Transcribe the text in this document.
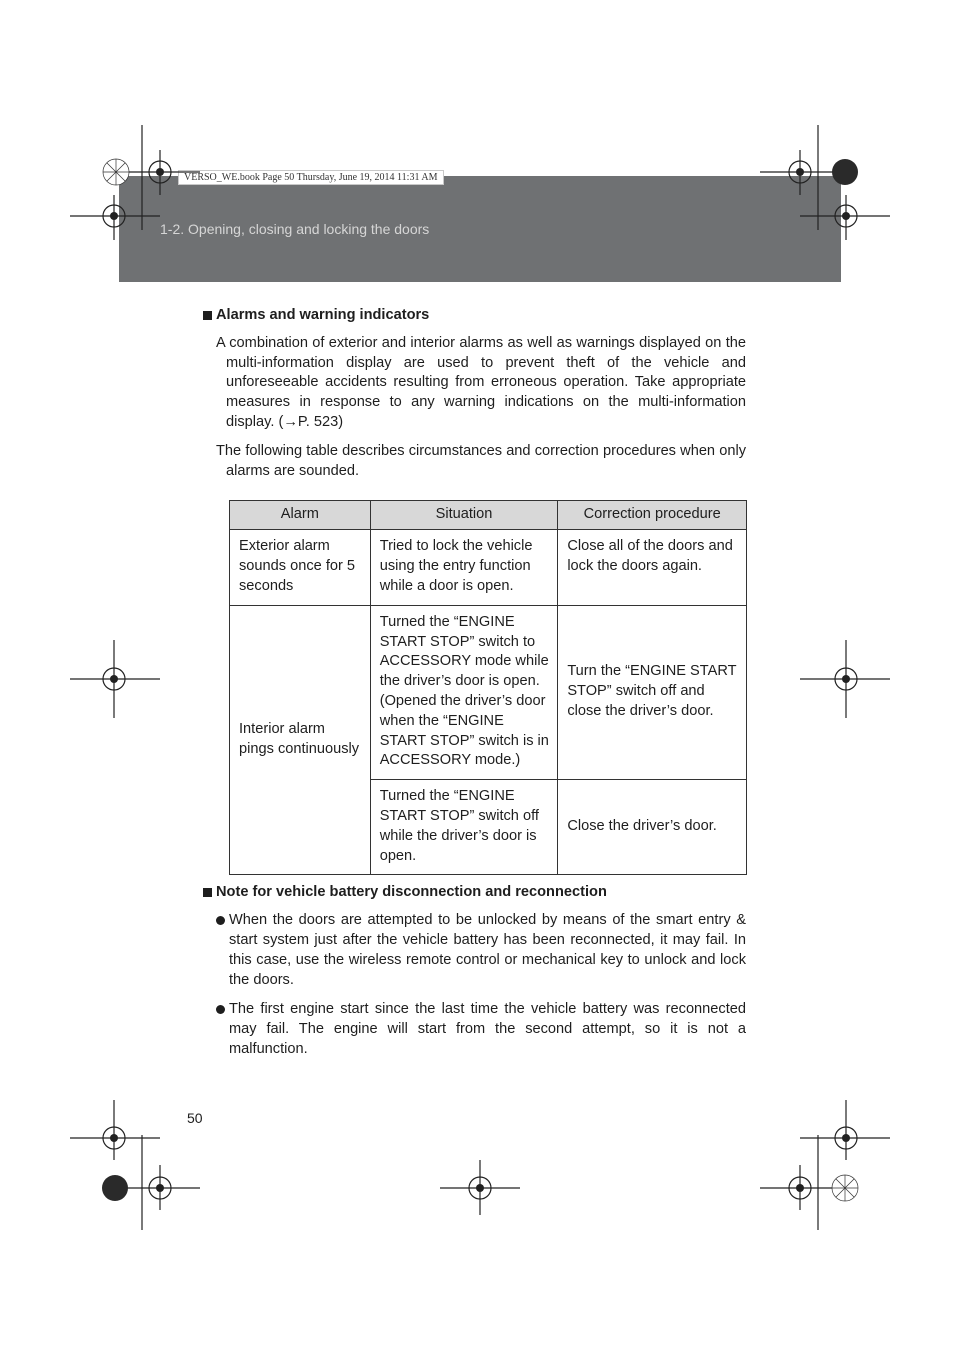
1-2. Opening, closing and locking the doors
VERSO_WE.book Page 50 Thursday, June 19, 2014 11:31 AM
Alarms and warning indicators

A combination of exterior and interior alarms as well as warnings displayed on the multi-information display are used to prevent theft of the vehicle and unforeseeable accidents resulting from erroneous operation. Take appropriate measures in response to any warning indications on the multi-information display. (→P. 523)

The following table describes circumstances and correction procedures when only alarms are sounded.

Alarm	Situation	Correction procedure
Exterior alarm sounds once for 5 seconds	Tried to lock the vehicle using the entry function while a door is open.	Close all of the doors and lock the doors again.
Interior alarm pings continuously	Turned the “ENGINE START STOP” switch to ACCESSORY mode while the driver’s door is open. (Opened the driver’s door when the “ENGINE START STOP” switch is in ACCESSORY mode.)	Turn the “ENGINE START STOP” switch off and close the driver’s door.
	Turned the “ENGINE START STOP” switch off while the driver’s door is open.	Close the driver’s door.
Note for vehicle battery disconnection and reconnection
When the doors are attempted to be unlocked by means of the smart entry & start system just after the vehicle battery has been reconnected, it may fail. In this case, use the wireless remote control or mechanical key to unlock and lock the doors.
The first engine start since the last time the vehicle battery was reconnected may fail. The engine will start from the second attempt, so it is not a malfunction.
50
